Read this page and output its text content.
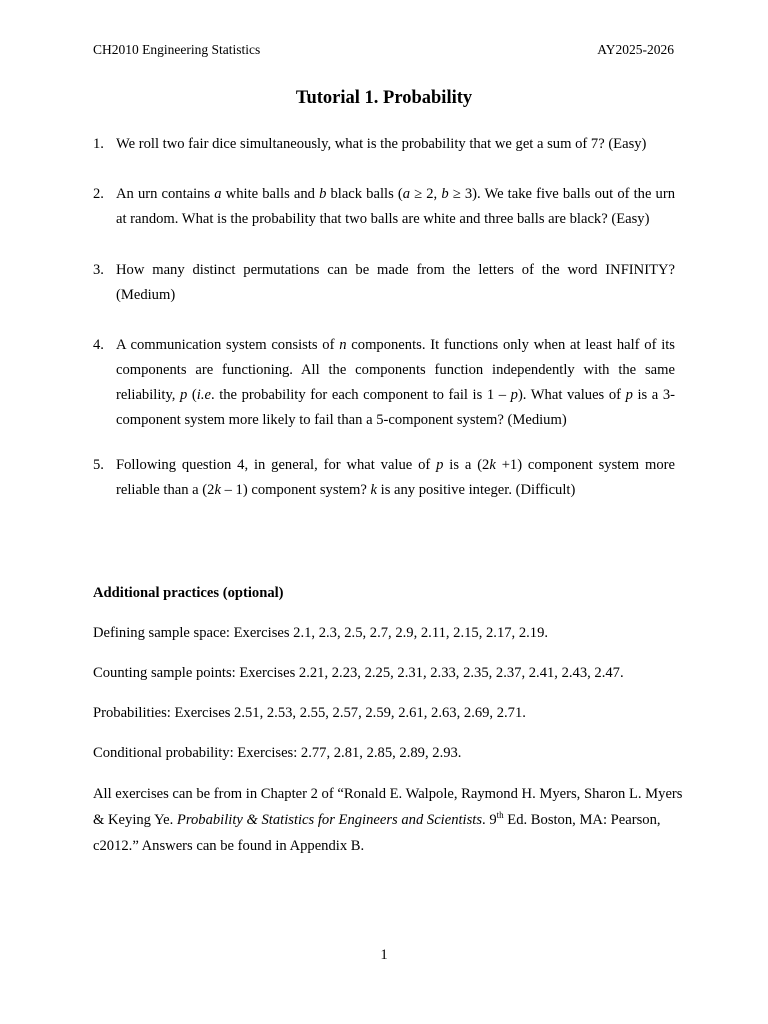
CH2010 Engineering Statistics	AY2025-2026
Tutorial 1. Probability
1. We roll two fair dice simultaneously, what is the probability that we get a sum of 7? (Easy)
2. An urn contains a white balls and b black balls (a ≥ 2, b ≥ 3). We take five balls out of the urn at random. What is the probability that two balls are white and three balls are black? (Easy)
3. How many distinct permutations can be made from the letters of the word INFINITY? (Medium)
4. A communication system consists of n components. It functions only when at least half of its components are functioning. All the components function independently with the same reliability, p (i.e. the probability for each component to fail is 1 – p). What values of p is a 3-component system more likely to fail than a 5-component system? (Medium)
5. Following question 4, in general, for what value of p is a (2k +1) component system more reliable than a (2k – 1) component system? k is any positive integer. (Difficult)
Additional practices (optional)
Defining sample space: Exercises 2.1, 2.3, 2.5, 2.7, 2.9, 2.11, 2.15, 2.17, 2.19.
Counting sample points: Exercises 2.21, 2.23, 2.25, 2.31, 2.33, 2.35, 2.37, 2.41, 2.43, 2.47.
Probabilities: Exercises 2.51, 2.53, 2.55, 2.57, 2.59, 2.61, 2.63, 2.69, 2.71.
Conditional probability: Exercises: 2.77, 2.81, 2.85, 2.89, 2.93.
All exercises can be from in Chapter 2 of “Ronald E. Walpole, Raymond H. Myers, Sharon L. Myers & Keying Ye. Probability & Statistics for Engineers and Scientists. 9th Ed. Boston, MA: Pearson, c2012.” Answers can be found in Appendix B.
1
